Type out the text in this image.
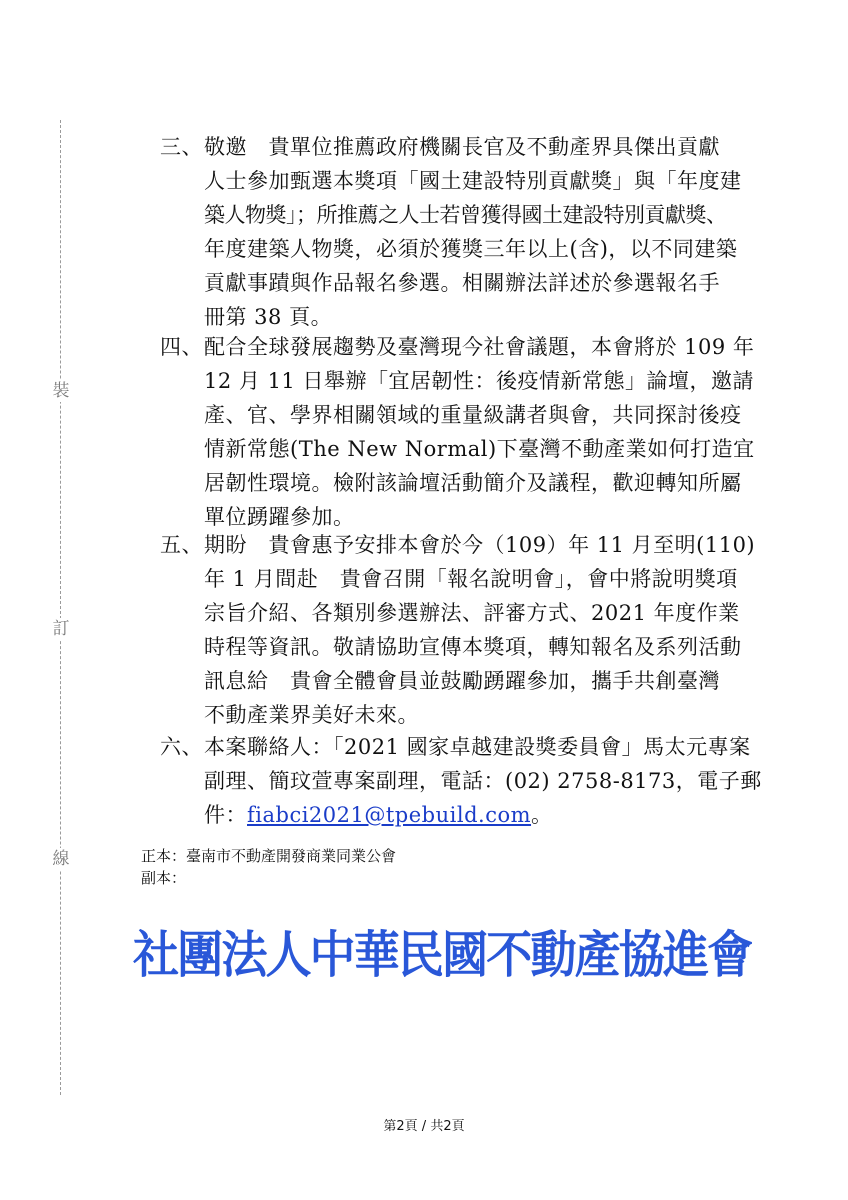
裝
訂
線
三、 敬邀　貴單位推薦政府機關長官及不動產界具傑出貢獻
人士參加甄選本獎項「國土建設特別貢獻獎」與「年度建
築人物獎」；所推薦之人士若曾獲得國土建設特別貢獻獎、
年度建築人物獎，必須於獲獎三年以上(含)，以不同建築
貢獻事蹟與作品報名參選。相關辦法詳述於參選報名手
冊第 38 頁。
四、 配合全球發展趨勢及臺灣現今社會議題，本會將於 109 年
12 月 11 日舉辦「宜居韌性：後疫情新常態」論壇，邀請
產、官、學界相關領域的重量級講者與會，共同探討後疫
情新常態(The New Normal)下臺灣不動產業如何打造宜
居韌性環境。檢附該論壇活動簡介及議程，歡迎轉知所屬
單位踴躍參加。
五、 期盼　貴會惠予安排本會於今（109）年 11 月至明(110)
年 1 月間赴　貴會召開「報名說明會」，會中將說明獎項
宗旨介紹、各類別參選辦法、評審方式、2021 年度作業
時程等資訊。敬請協助宣傳本獎項，轉知報名及系列活動
訊息給　貴會全體會員並鼓勵踴躍參加，攜手共創臺灣
不動產業界美好未來。
六、 本案聯絡人：「2021 國家卓越建設獎委員會」馬太元專案
副理、簡玟萱專案副理，電話：(02) 2758-8173，電子郵
件：fiabci2021@tpebuild.com。
正本：臺南市不動產開發商業同業公會
副本：
社團法人中華民國不動產協進會
第2頁 / 共2頁
